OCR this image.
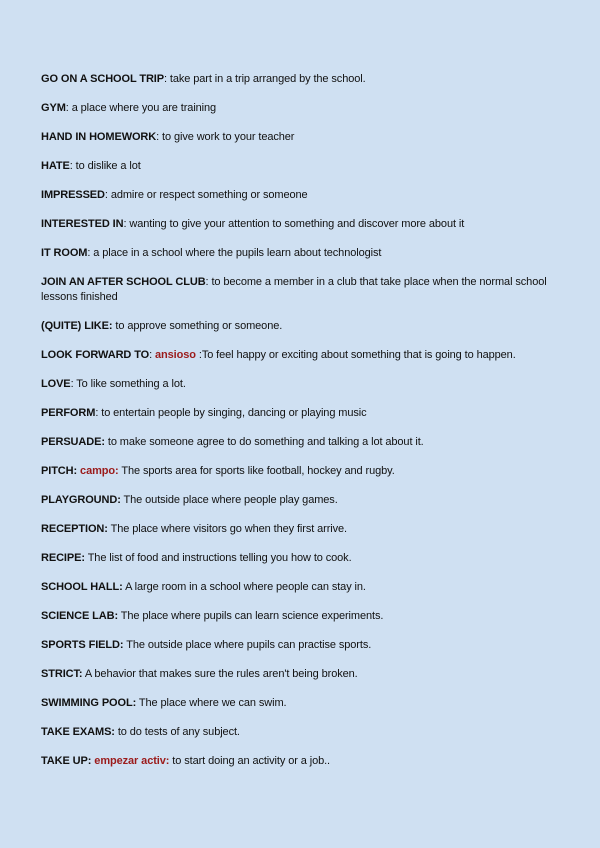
GO ON A SCHOOL TRIP: take part in a trip arranged by the school.

GYM: a place where you are training

HAND IN HOMEWORK: to give work to your teacher

HATE: to dislike a lot

IMPRESSED: admire or respect something or someone

INTERESTED IN: wanting to give your attention to something and discover more about it

IT ROOM: a place in a school where the pupils learn about technologist

JOIN AN AFTER SCHOOL CLUB: to become a member in a club that take place when the normal school lessons finished

(QUITE) LIKE: to approve something or someone.

LOOK FORWARD TO: ansioso :To feel happy or exciting about something that is going to happen.

LOVE: To like something a lot.

PERFORM: to entertain people by singing, dancing or playing music

PERSUADE: to make someone agree to do something and talking a lot about it.

PITCH: campo: The sports area for sports like football, hockey and rugby.

PLAYGROUND: The outside place where people play games.

RECEPTION: The place where visitors go when they first arrive.

RECIPE: The list of food and instructions telling you how to cook.

SCHOOL HALL: A large room in a school where people can stay in.

SCIENCE LAB: The place where pupils can learn science experiments.

SPORTS FIELD: The outside place where pupils can practise sports.

STRICT: A behavior that makes sure the rules aren't being broken.

SWIMMING POOL: The place where we can swim.

TAKE EXAMS: to do tests of any subject.

TAKE UP: empezar activ: to start doing an activity or a job..
